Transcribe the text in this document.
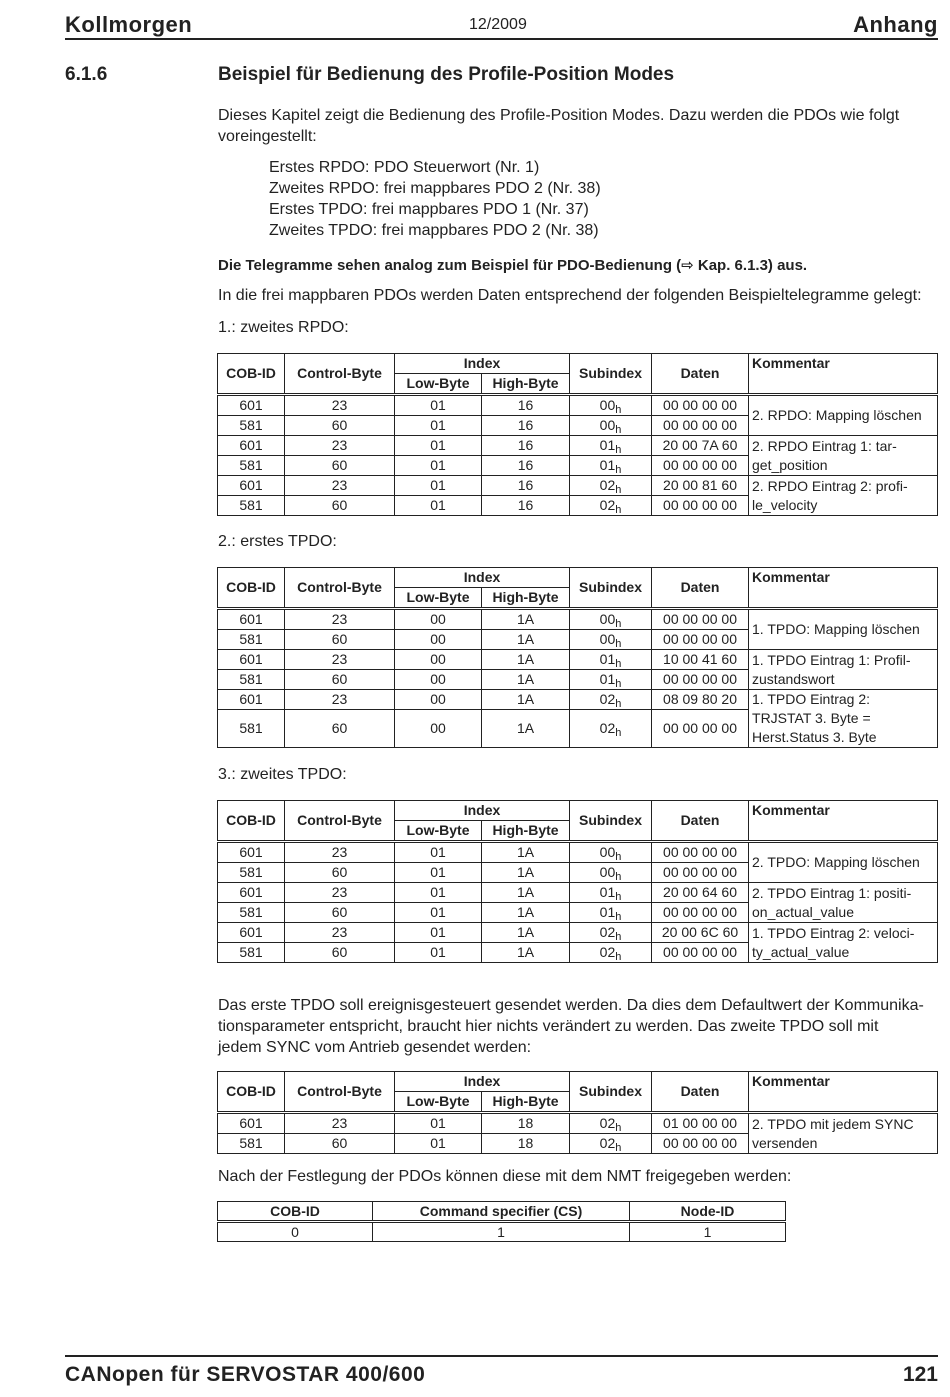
Kollmorgen	12/2009	Anhang
6.1.6	Beispiel für Bedienung des Profile-Position Modes
Dieses Kapitel zeigt die Bedienung des Profile-Position Modes. Dazu werden die PDOs wie folgt
voreingestellt:
Erstes RPDO: PDO Steuerwort (Nr. 1)
Zweites RPDO: frei mappbares PDO 2 (Nr. 38)
Erstes TPDO: frei mappbares PDO 1 (Nr. 37)
Zweites TPDO: frei mappbares PDO 2 (Nr. 38)
Die Telegramme sehen analog zum Beispiel für PDO-Bedienung (⇨ Kap. 6.1.3) aus.
In die frei mappbaren PDOs werden Daten entsprechend der folgenden Beispieltelegramme gelegt:
1.: zweites RPDO:
COB-ID	Control-Byte	Index		Subindex	Daten	Kommentar
		Low-Byte	High-Byte			
601	23	01	16	$00_h$	00 00 00 00	2. RPDO: Mapping löschen

581	60	01	16	$00_h$	00 00 00 00	
601	23	01	16	$01_h$	20 00 7A 60	2. RPDO Eintrag 1: tar-
get_position

581	60	01	16	$01_h$	00 00 00 00	
601	23	01	16	$02_h$	20 00 81 60	2. RPDO Eintrag 2: profi-
le_velocity

581	60	01	16	$02_h$	00 00 00 00	
2.: erstes TPDO:
COB-ID	Control-Byte	Index		Subindex	Daten	Kommentar
		Low-Byte	High-Byte			
601	23	00	1A	$00_h$	00 00 00 00	1. TPDO: Mapping löschen

581	60	00	1A	$00_h$	00 00 00 00	
601	23	00	1A	$01_h$	10 00 41 60	1. TPDO Eintrag 1: Profil-
zustandswort

581	60	00	1A	$01_h$	00 00 00 00	
601	23	00	1A	$02_h$	08 09 80 20	1. TPDO Eintrag 2:
TRJSTAT 3. Byte =
Herst.Status 3. Byte

581	60	00	1A	$02_h$	00 00 00 00	
3.: zweites TPDO:
COB-ID	Control-Byte	Index		Subindex	Daten	Kommentar
		Low-Byte	High-Byte			
601	23	01	1A	$00_h$	00 00 00 00	2. TPDO: Mapping löschen

581	60	01	1A	$00_h$	00 00 00 00	
601	23	01	1A	$01_h$	20 00 64 60	2. TPDO Eintrag 1: positi-
on_actual_value

581	60	01	1A	$01_h$	00 00 00 00	
601	23	01	1A	$02_h$	20 00 6C 60	1. TPDO Eintrag 2: veloci-
ty_actual_value

581	60	01	1A	$02_h$	00 00 00 00	
Das erste TPDO soll ereignisgesteuert gesendet werden. Da dies dem Defaultwert der Kommunika-
tionsparameter entspricht, braucht hier nichts verändert zu werden. Das zweite TPDO soll mit
jedem SYNC vom Antrieb gesendet werden:
COB-ID	Control-Byte	Index		Subindex	Daten	Kommentar
		Low-Byte	High-Byte			
601	23	01	18	$02_h$	01 00 00 00	2. TPDO mit jedem SYNC
versenden

581	60	01	18	$02_h$	00 00 00 00	
Nach der Festlegung der PDOs können diese mit dem NMT freigegeben werden:
COB-ID	Command specifier (CS)	Node-ID
0	1	1
CANopen für SERVOSTAR 400/600	121
